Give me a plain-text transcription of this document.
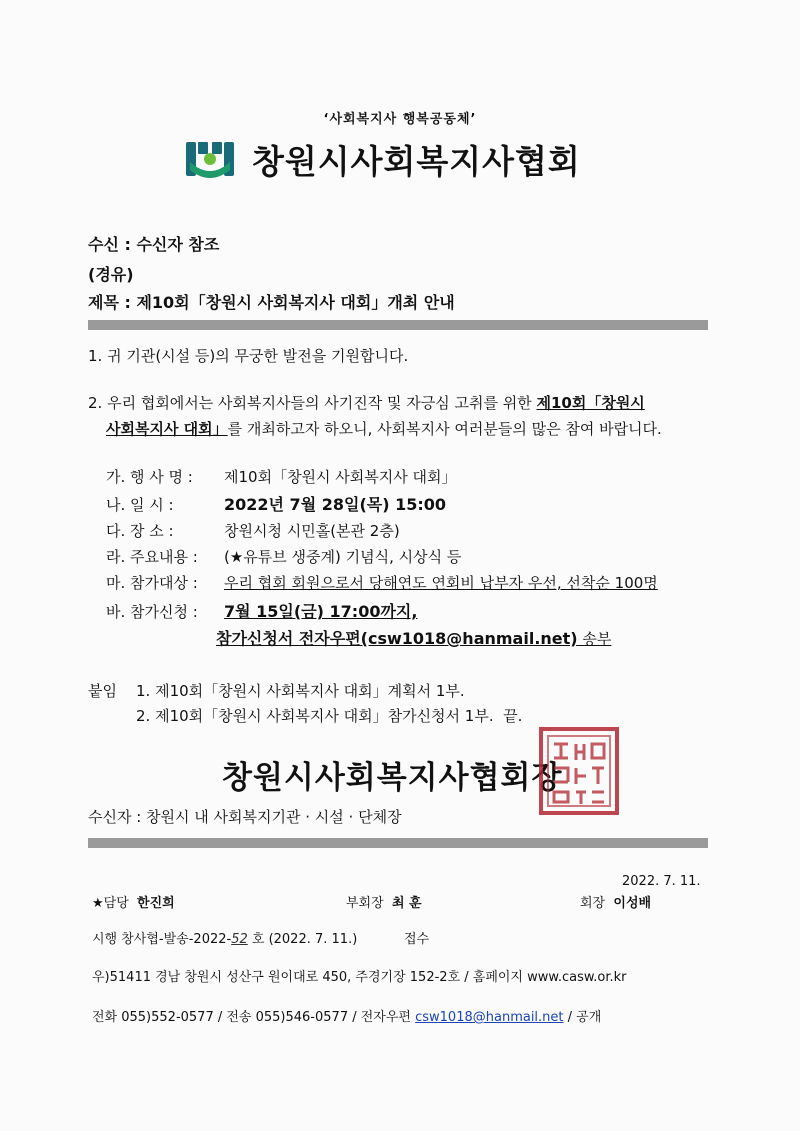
‘사회복지사 행복공동체’
창원시사회복지사협회
수신 : 수신자 참조
(경유)
제목 : 제10회「창원시 사회복지사 대회」개최 안내
1. 귀 기관(시설 등)의 무궁한 발전을 기원합니다.
2. 우리 협회에서는 사회복지사들의 사기진작 및 자긍심 고취를 위한 제10회「창원시
사회복지사 대회」를 개최하고자 하오니, 사회복지사 여러분들의 많은 참여 바랍니다.
가. 행 사 명 : 제10회「창원시 사회복지사 대회」
나. 일 시 :	2022년 7월 28일(목) 15:00
다. 장 소 :	창원시청 시민홀(본관 2층)
라. 주요내용 : (★유튜브 생중계) 기념식, 시상식 등
마. 참가대상 : 우리 협회 회원으로서 당해연도 연회비 납부자 우선, 선착순 100명
바. 참가신청 : 7월 15일(금) 17:00까지,
참가신청서 전자우편(csw1018@hanmail.net) 송부
붙임 1. 제10회「창원시 사회복지사 대회」계획서 1부.
2. 제10회「창원시 사회복지사 대회」참가신청서 1부. 끝.
창원시사회복지사협회장
수신자 : 창원시 내 사회복지기관 · 시설 · 단체장
2022. 7. 11.
★담당 한진희	부회장 최 훈	회장 이성배
시행 창사협-발송-2022-52 호 (2022. 7. 11.)	접수
우)51411 경남 창원시 성산구 원이대로 450, 주경기장 152-2호 / 홈페이지 www.casw.or.kr
전화 055)552-0577 / 전송 055)546-0577 / 전자우편 csw1018@hanmail.net / 공개
